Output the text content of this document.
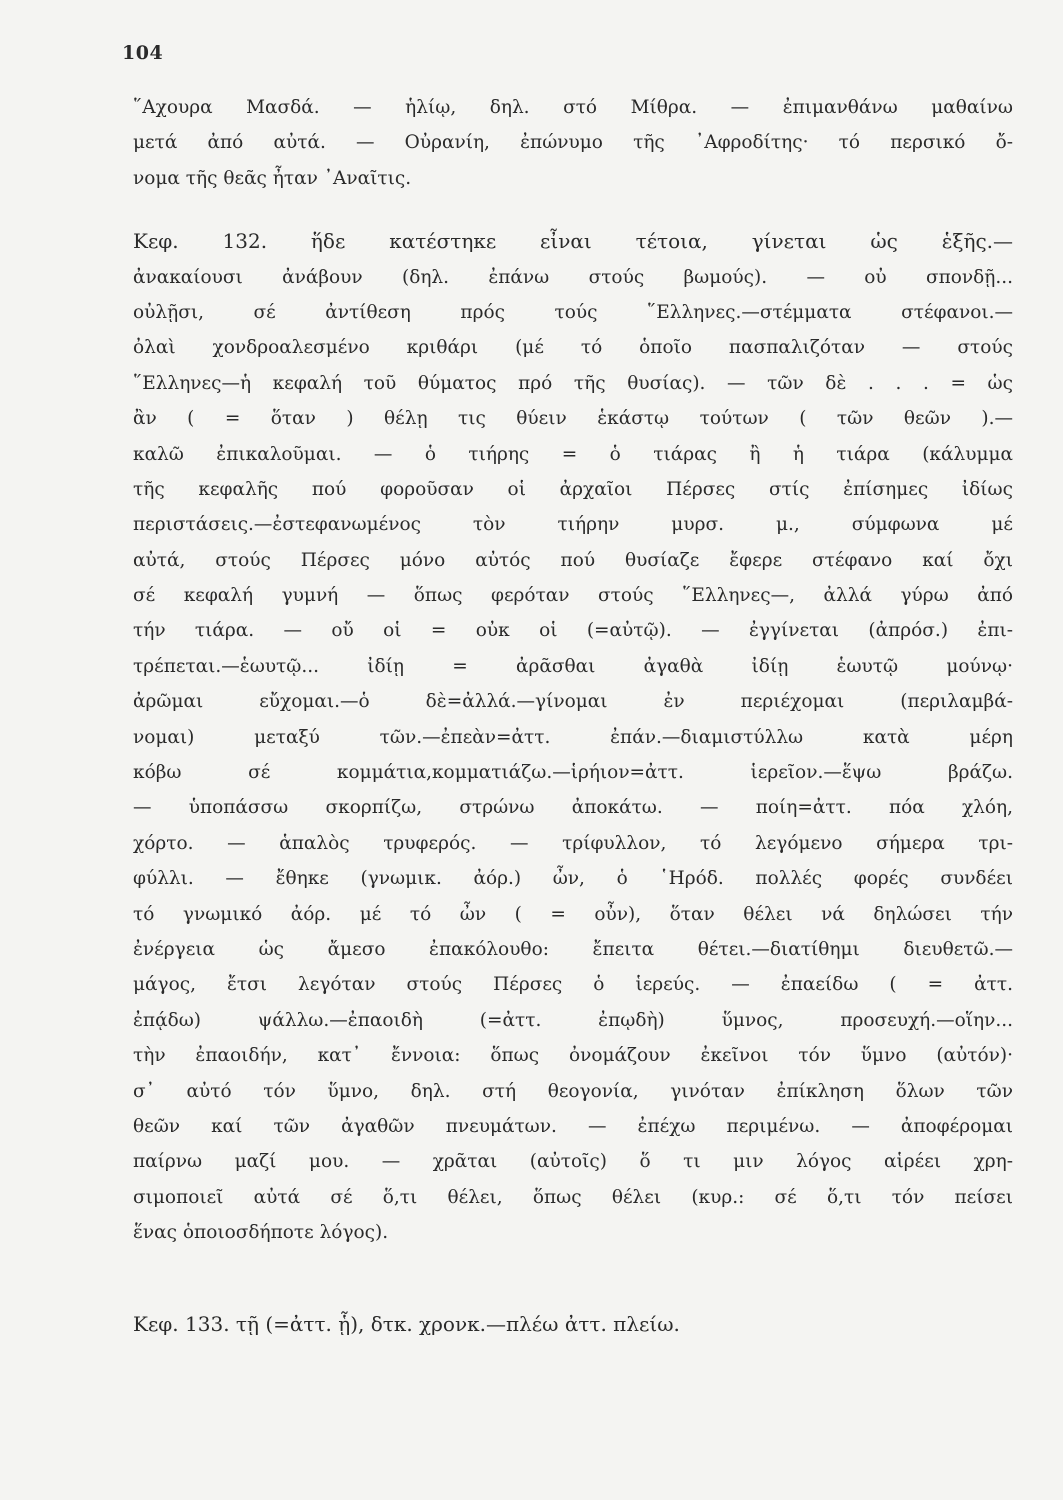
104
῞Αχουρα Μασδά. — ἡλίῳ, δηλ. στό Μίθρα. — ἐπιμανθάνω μαθαίνω
μετά ἀπό αὐτά. — Οὐρανίη, ἐπώνυμο τῆς ᾿Αφροδίτης· τό περσικό ὄ-
νομα τῆς θεᾶς ἦταν ᾿Αναῖτις.
Κεφ. 132. ἥδε κατέστηκε εἶναι τέτοια, γίνεται ὡς ἑξῆς.—
ἀνακαίουσι ἀνάβουν (δηλ. ἐπάνω στούς βωμούς). — οὐ σπονδῇ...
οὐλῇσι, σέ ἀντίθεση πρός τούς ῞Ελληνες.—στέμματα στέφανοι.—
ὀλαὶ χονδροαλεσμένο κριθάρι (μέ τό ὁποῖο πασπαλιζόταν — στούς
῞Ελληνες—ἡ κεφαλή τοῦ θύματος πρό τῆς θυσίας). — τῶν δὲ . . . = ὡς
ἂν ( = ὅταν ) θέλῃ τις θύειν ἑκάστῳ τούτων ( τῶν θεῶν ).—
καλῶ ἐπικαλοῦμαι. — ὁ τιήρης = ὁ τιάρας ἢ ἡ τιάρα (κάλυμμα
τῆς κεφαλῆς πού φοροῦσαν οἱ ἀρχαῖοι Πέρσες στίς ἐπίσημες ἰδίως
περιστάσεις.—ἐστεφανωμένος τὸν τιήρην μυρσ. μ., σύμφωνα μέ
αὐτά, στούς Πέρσες μόνο αὐτός πού θυσίαζε ἔφερε στέφανο καί ὄχι
σέ κεφαλή γυμνή — ὅπως φερόταν στούς ῞Ελληνες—, ἀλλά γύρω ἀπό
τήν τιάρα. — οὔ οἱ = οὐκ οἱ (=αὐτῷ). — ἐγγίνεται (ἀπρόσ.) ἐπι-
τρέπεται.—ἑωυτῷ... ἰδίῃ = ἀρᾶσθαι ἀγαθὰ ἰδίῃ ἑωυτῷ μούνῳ·
ἀρῶμαι εὔχομαι.—ὁ δὲ=ἀλλά.—γίνομαι ἐν περιέχομαι (περιλαμβά-
νομαι) μεταξύ τῶν.—ἐπεὰν=ἀττ. ἐπάν.—διαμιστύλλω κατὰ μέρη
κόβω σέ κομμάτια,κομματιάζω.—ἱρήιον=ἀττ. ἱερεῖον.—ἕψω βράζω.
— ὑποπάσσω σκορπίζω, στρώνω ἀποκάτω. — ποίη=ἀττ. πόα χλόη,
χόρτο. — ἁπαλὸς τρυφερός. — τρίφυλλον, τό λεγόμενο σήμερα τρι-
φύλλι. — ἔθηκε (γνωμικ. ἀόρ.) ὦν, ὁ ῾Ηρόδ. πολλές φορές συνδέει
τό γνωμικό ἀόρ. μέ τό ὦν ( = οὖν), ὅταν θέλει νά δηλώσει τήν
ἐνέργεια ὡς ἄμεσο ἐπακόλουθο: ἔπειτα θέτει.—διατίθημι διευθετῶ.—
μάγος, ἔτσι λεγόταν στούς Πέρσες ὁ ἱερεύς. — ἐπαείδω ( = ἀττ.
ἐπᾴδω) ψάλλω.—ἐπαοιδὴ (=ἀττ. ἐπῳδὴ) ὕμνος, προσευχή.—οἵην...
τὴν ἐπαοιδήν, κατ᾿ ἔννοια: ὅπως ὀνομάζουν ἐκεῖνοι τόν ὕμνο (αὐτόν)·
σ᾿ αὐτό τόν ὕμνο, δηλ. στή θεογονία, γινόταν ἐπίκληση ὅλων τῶν
θεῶν καί τῶν ἀγαθῶν πνευμάτων. — ἐπέχω περιμένω. — ἀποφέρομαι
παίρνω μαζί μου. — χρᾶται (αὐτοῖς) ὅ τι μιν λόγος αἱρέει χρη-
σιμοποιεῖ αὐτά σέ ὅ,τι θέλει, ὅπως θέλει (κυρ.: σέ ὅ,τι τόν πείσει
ἕνας ὁποιοσδήποτε λόγος).
Κεφ. 133. τῇ (=ἀττ. ᾗ), δτκ. χρονκ.—πλέω ἀττ. πλείω.
